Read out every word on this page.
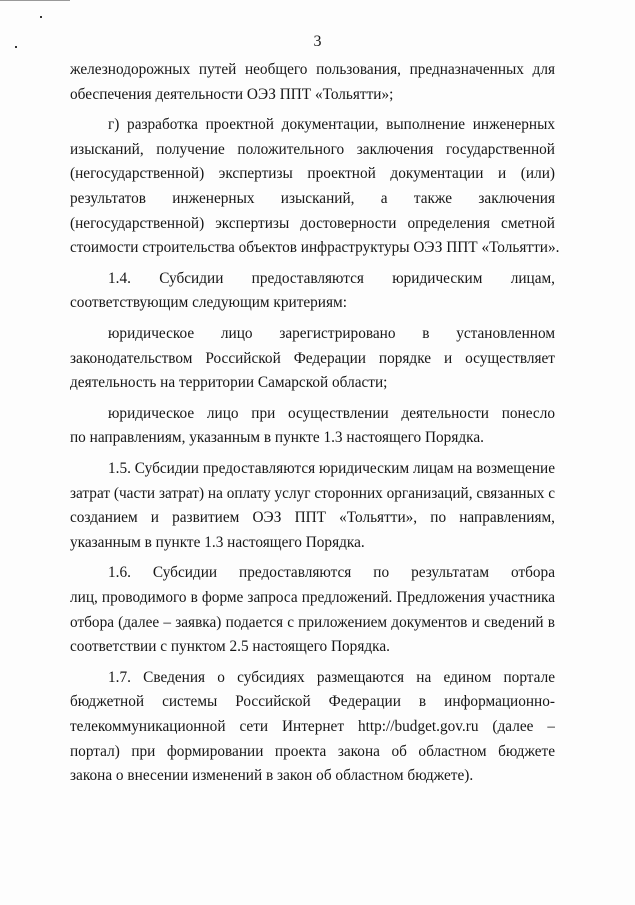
3
железнодорожных путей необщего пользования, предназначенных для
обеспечения деятельности ОЭЗ ППТ «Тольятти»;
г) разработка проектной документации, выполнение инженерных
изысканий, получение положительного заключения государственной
(негосударственной) экспертизы проектной документации и (или)
результатов инженерных изысканий, а также заключения
(негосударственной) экспертизы достоверности определения сметной
стоимости строительства объектов инфраструктуры ОЭЗ ППТ «Тольятти».
1.4. Субсидии предоставляются юридическим лицам,
соответствующим следующим критериям:
юридическое лицо зарегистрировано в установленном
законодательством Российской Федерации порядке и осуществляет
деятельность на территории Самарской области;
юридическое лицо при осуществлении деятельности понесло
по направлениям, указанным в пункте 1.3 настоящего Порядка.
1.5. Субсидии предоставляются юридическим лицам на возмещение
затрат (части затрат) на оплату услуг сторонних организаций, связанных с
созданием и развитием ОЭЗ ППТ «Тольятти», по направлениям,
указанным в пункте 1.3 настоящего Порядка.
1.6. Субсидии предоставляются по результатам отбора
лиц, проводимого в форме запроса предложений. Предложения участника
отбора (далее – заявка) подается с приложением документов и сведений в
соответствии с пунктом 2.5 настоящего Порядка.
1.7. Сведения о субсидиях размещаются на едином портале
бюджетной системы Российской Федерации в информационно-
телекоммуникационной сети Интернет http://budget.gov.ru (далее –
портал) при формировании проекта закона об областном бюджете
закона о внесении изменений в закон об областном бюджете).
